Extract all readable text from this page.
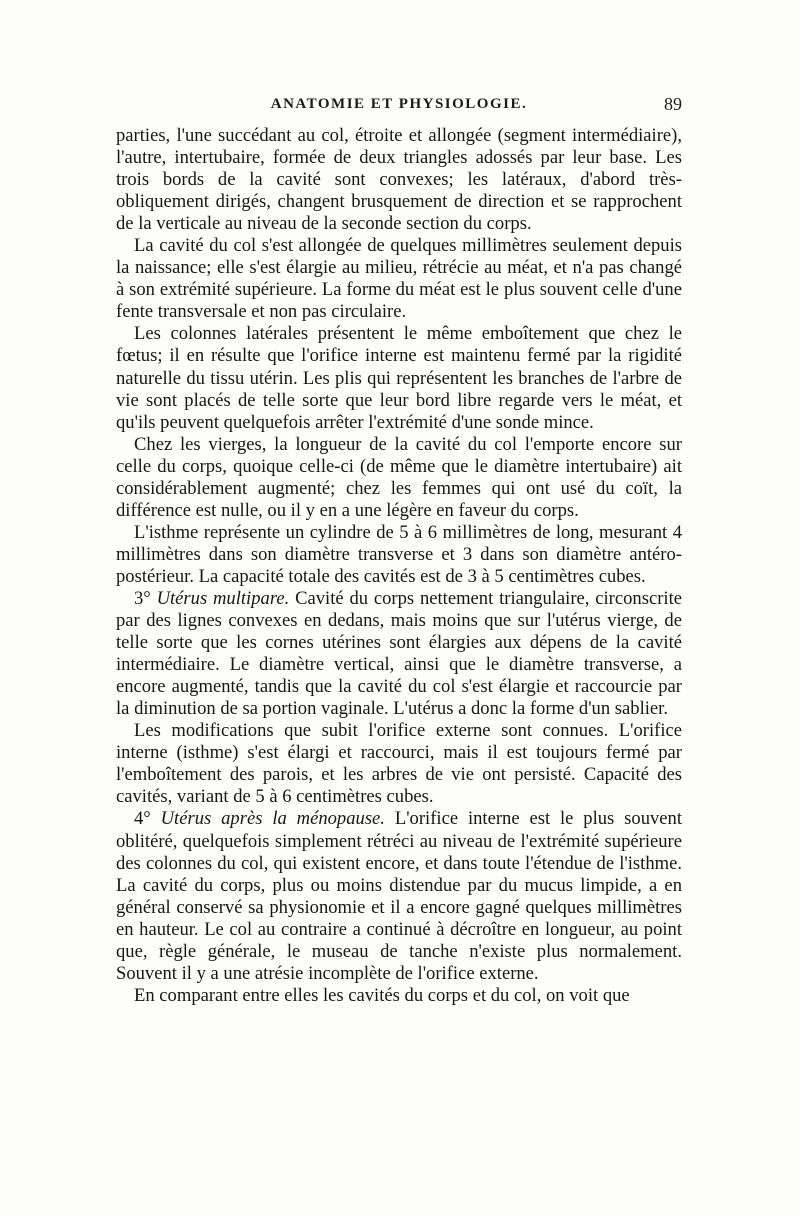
ANATOMIE ET PHYSIOLOGIE.	89

parties, l'une succédant au col, étroite et allongée (segment intermédiaire), l'autre, intertubaire, formée de deux triangles adossés par leur base. Les trois bords de la cavité sont convexes; les latéraux, d'abord très-obliquement dirigés, changent brusquement de direction et se rapprochent de la verticale au niveau de la seconde section du corps.

La cavité du col s'est allongée de quelques millimètres seulement depuis la naissance; elle s'est élargie au milieu, rétrécie au méat, et n'a pas changé à son extrémité supérieure. La forme du méat est le plus souvent celle d'une fente transversale et non pas circulaire.

Les colonnes latérales présentent le même emboîtement que chez le fœtus; il en résulte que l'orifice interne est maintenu fermé par la rigidité naturelle du tissu utérin. Les plis qui représentent les branches de l'arbre de vie sont placés de telle sorte que leur bord libre regarde vers le méat, et qu'ils peuvent quelquefois arrêter l'extrémité d'une sonde mince.

Chez les vierges, la longueur de la cavité du col l'emporte encore sur celle du corps, quoique celle-ci (de même que le diamètre intertubaire) ait considérablement augmenté; chez les femmes qui ont usé du coït, la différence est nulle, ou il y en a une légère en faveur du corps.

L'isthme représente un cylindre de 5 à 6 millimètres de long, mesurant 4 millimètres dans son diamètre transverse et 3 dans son diamètre antéro-postérieur. La capacité totale des cavités est de 3 à 5 centimètres cubes.

3° Utérus multipare. Cavité du corps nettement triangulaire, circonscrite par des lignes convexes en dedans, mais moins que sur l'utérus vierge, de telle sorte que les cornes utérines sont élargies aux dépens de la cavité intermédiaire. Le diamètre vertical, ainsi que le diamètre transverse, a encore augmenté, tandis que la cavité du col s'est élargie et raccourcie par la diminution de sa portion vaginale. L'utérus a donc la forme d'un sablier.

Les modifications que subit l'orifice externe sont connues. L'orifice interne (isthme) s'est élargi et raccourci, mais il est toujours fermé par l'emboîtement des parois, et les arbres de vie ont persisté. Capacité des cavités, variant de 5 à 6 centimètres cubes.

4° Utérus après la ménopause. L'orifice interne est le plus souvent oblitéré, quelquefois simplement rétréci au niveau de l'extrémité supérieure des colonnes du col, qui existent encore, et dans toute l'étendue de l'isthme. La cavité du corps, plus ou moins distendue par du mucus limpide, a en général conservé sa physionomie et il a encore gagné quelques millimètres en hauteur. Le col au contraire a continué à décroître en longueur, au point que, règle générale, le museau de tanche n'existe plus normalement. Souvent il y a une atrésie incomplète de l'orifice externe.

En comparant entre elles les cavités du corps et du col, on voit que
